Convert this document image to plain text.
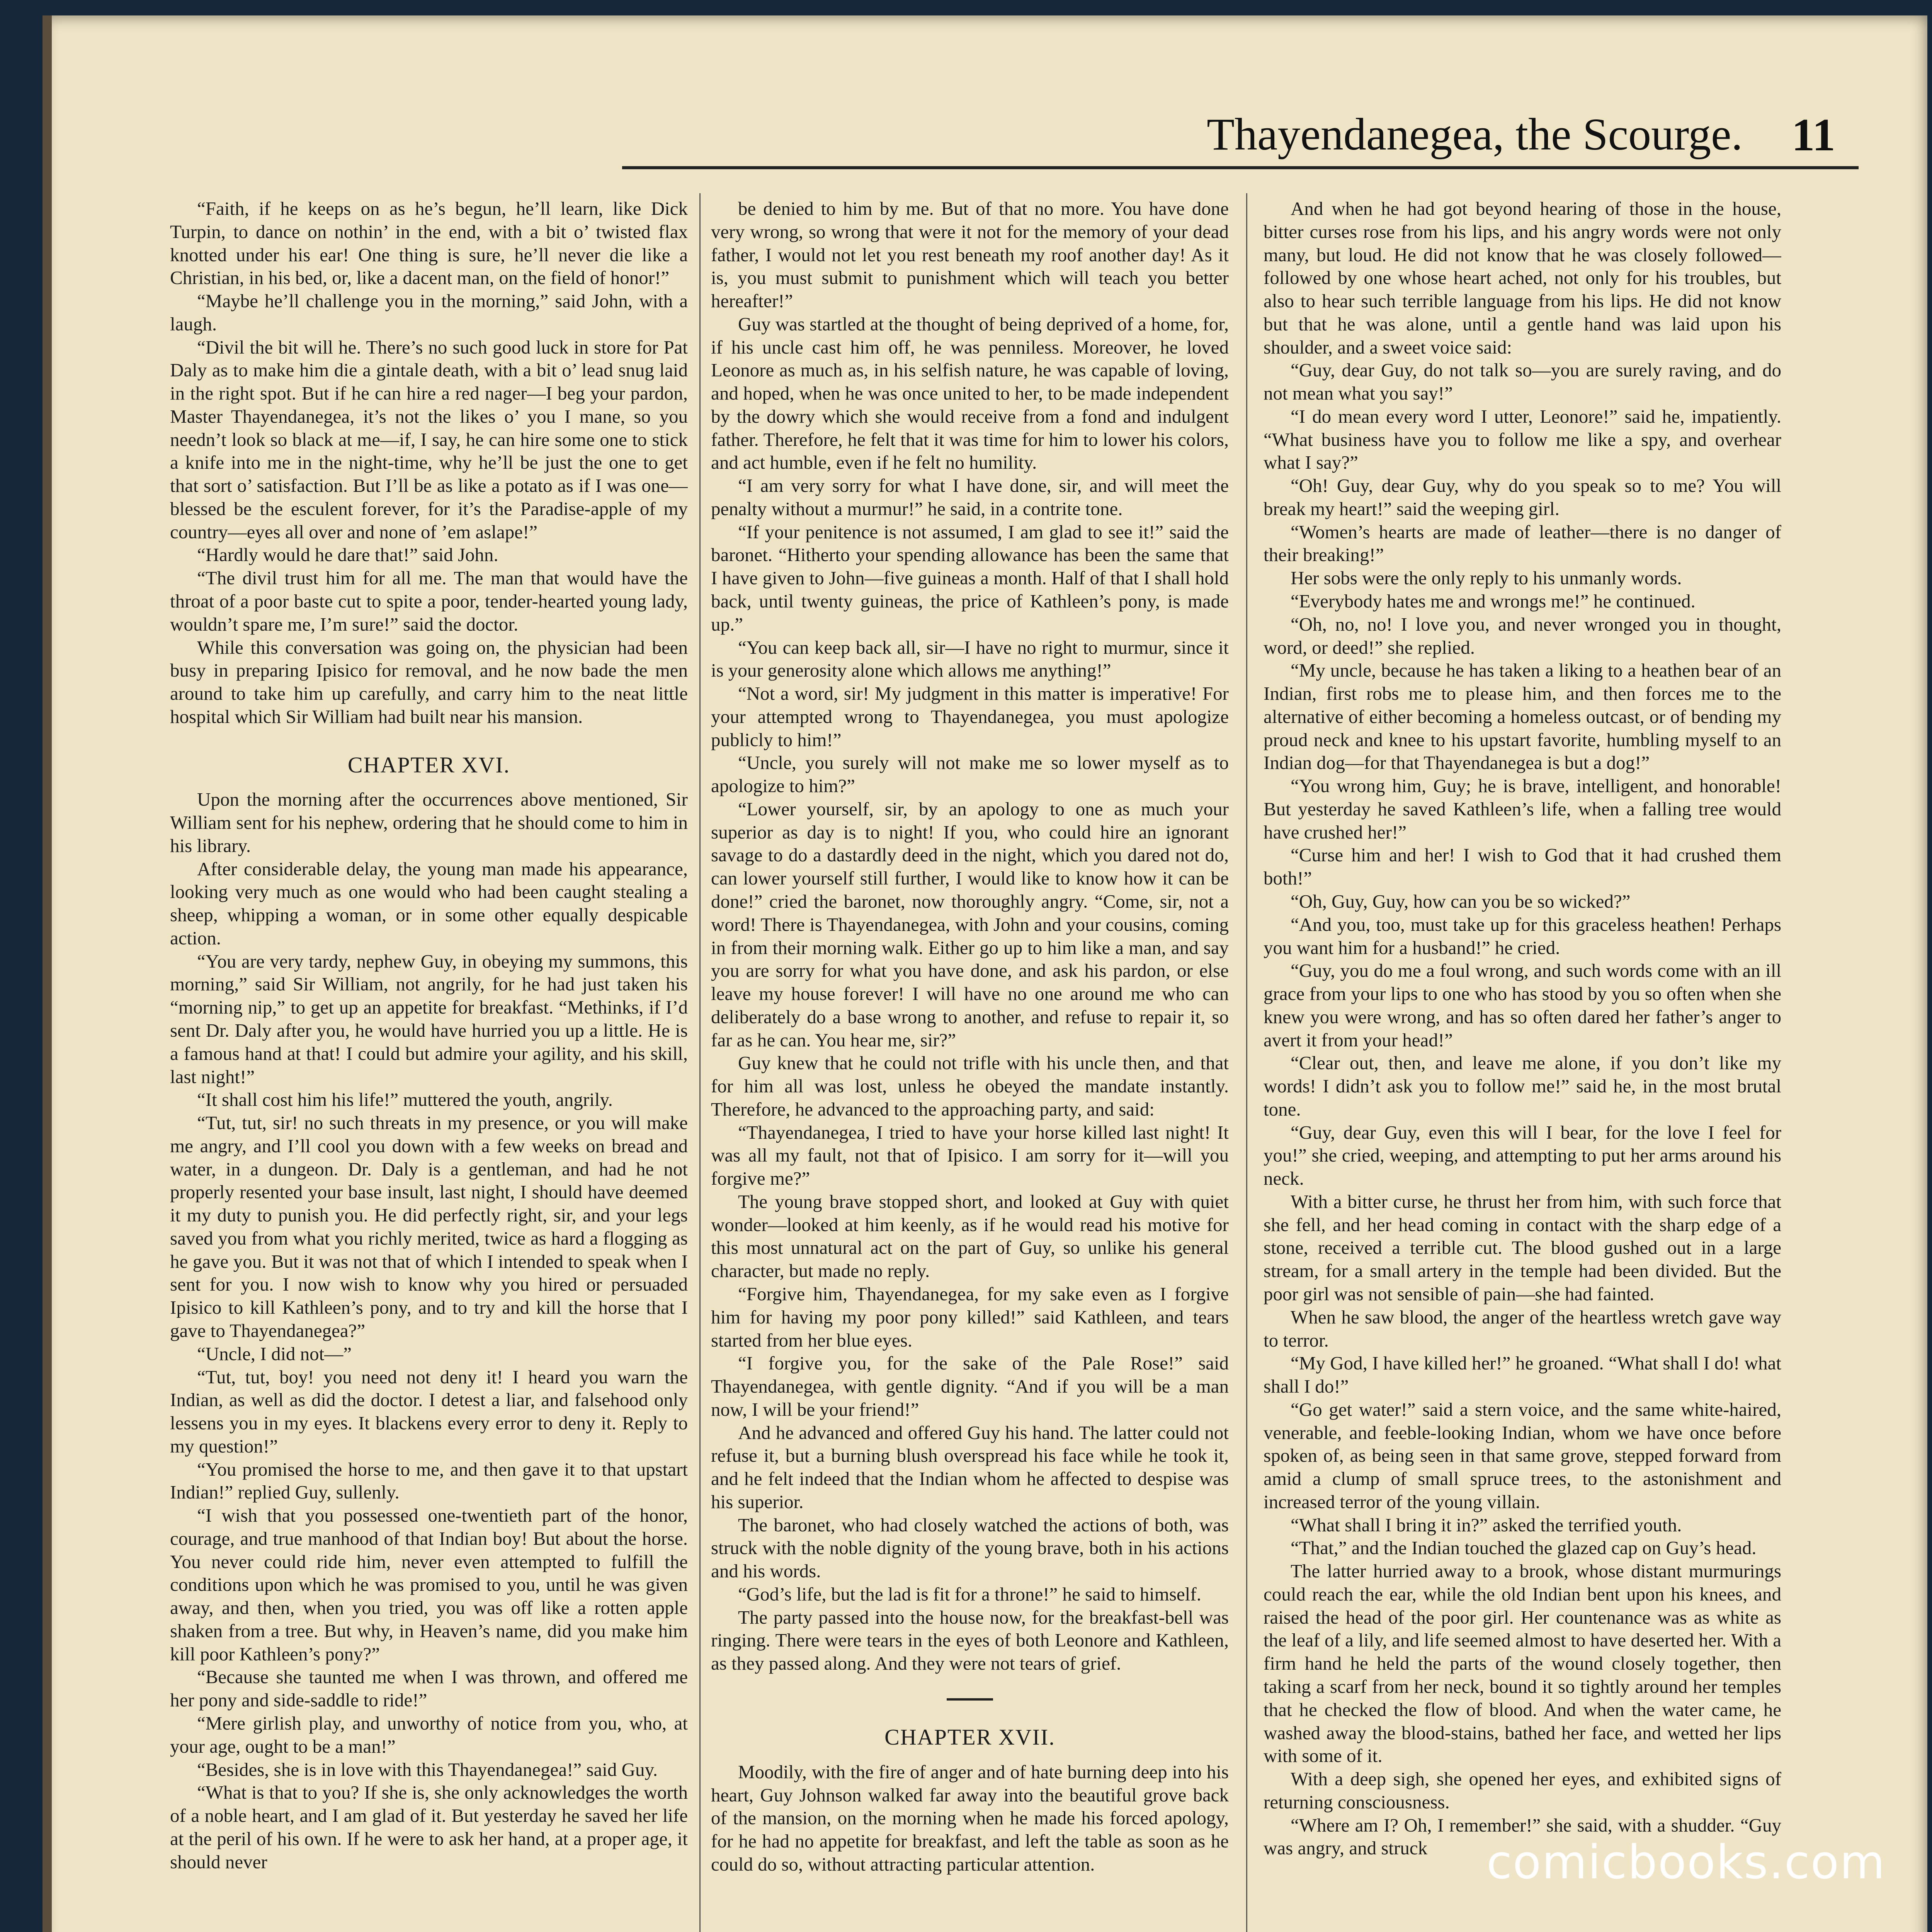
Thayendanegea, the Scourge. 11

“Faith, if he keeps on as he’s begun, he’ll learn, like Dick Turpin, to dance on nothin’ in the end, with a bit o’ twisted flax knotted under his ear! One thing is sure, he’ll never die like a Christian, in his bed, or, like a dacent man, on the field of honor!”

“Maybe he’ll challenge you in the morning,” said John, with a laugh.

“Divil the bit will he. There’s no such good luck in store for Pat Daly as to make him die a gintale death, with a bit o’ lead snug laid in the right spot. But if he can hire a red nager—I beg your pardon, Master Thayendanegea, it’s not the likes o’ you I mane, so you needn’t look so black at me—if, I say, he can hire some one to stick a knife into me in the night-time, why he’ll be just the one to get that sort o’ satisfaction. But I’ll be as like a potato as if I was one—blessed be the esculent forever, for it’s the Paradise-apple of my country—eyes all over and none of ’em aslape!”

“Hardly would he dare that!” said John.

“The divil trust him for all me. The man that would have the throat of a poor baste cut to spite a poor, tender-hearted young lady, wouldn’t spare me, I’m sure!” said the doctor.

While this conversation was going on, the physician had been busy in preparing Ipisico for removal, and he now bade the men around to take him up carefully, and carry him to the neat little hospital which Sir William had built near his mansion.

CHAPTER XVI.

Upon the morning after the occurrences above mentioned, Sir William sent for his nephew, ordering that he should come to him in his library.

After considerable delay, the young man made his appearance, looking very much as one would who had been caught stealing a sheep, whipping a woman, or in some other equally despicable action.

“You are very tardy, nephew Guy, in obeying my summons, this morning,” said Sir William, not angrily, for he had just taken his “morning nip,” to get up an appetite for breakfast. “Methinks, if I’d sent Dr. Daly after you, he would have hurried you up a little. He is a famous hand at that! I could but admire your agility, and his skill, last night!”

“It shall cost him his life!” muttered the youth, angrily.

“Tut, tut, sir! no such threats in my presence, or you will make me angry, and I’ll cool you down with a few weeks on bread and water, in a dungeon. Dr. Daly is a gentleman, and had he not properly resented your base insult, last night, I should have deemed it my duty to punish you. He did perfectly right, sir, and your legs saved you from what you richly merited, twice as hard a flogging as he gave you. But it was not that of which I intended to speak when I sent for you. I now wish to know why you hired or persuaded Ipisico to kill Kathleen’s pony, and to try and kill the horse that I gave to Thayendanegea?”

“Uncle, I did not—”

“Tut, tut, boy! you need not deny it! I heard you warn the Indian, as well as did the doctor. I detest a liar, and falsehood only lessens you in my eyes. It blackens every error to deny it. Reply to my question!”

“You promised the horse to me, and then gave it to that upstart Indian!” replied Guy, sullenly.

“I wish that you possessed one-twentieth part of the honor, courage, and true manhood of that Indian boy! But about the horse. You never could ride him, never even attempted to fulfill the conditions upon which he was promised to you, until he was given away, and then, when you tried, you was off like a rotten apple shaken from a tree. But why, in Heaven’s name, did you make him kill poor Kathleen’s pony?”

“Because she taunted me when I was thrown, and offered me her pony and side-saddle to ride!”

“Mere girlish play, and unworthy of notice from you, who, at your age, ought to be a man!”

“Besides, she is in love with this Thayendanegea!” said Guy.

“What is that to you? If she is, she only acknowledges the worth of a noble heart, and I am glad of it. But yesterday he saved her life at the peril of his own. If he were to ask her hand, at a proper age, it should never

be denied to him by me. But of that no more. You have done very wrong, so wrong that were it not for the memory of your dead father, I would not let you rest beneath my roof another day! As it is, you must submit to punishment which will teach you better hereafter!”

Guy was startled at the thought of being deprived of a home, for, if his uncle cast him off, he was penniless. Moreover, he loved Leonore as much as, in his selfish nature, he was capable of loving, and hoped, when he was once united to her, to be made independent by the dowry which she would receive from a fond and indulgent father. Therefore, he felt that it was time for him to lower his colors, and act humble, even if he felt no humility.

“I am very sorry for what I have done, sir, and will meet the penalty without a murmur!” he said, in a contrite tone.

“If your penitence is not assumed, I am glad to see it!” said the baronet. “Hitherto your spending allowance has been the same that I have given to John—five guineas a month. Half of that I shall hold back, until twenty guineas, the price of Kathleen’s pony, is made up.”

“You can keep back all, sir—I have no right to murmur, since it is your generosity alone which allows me anything!”

“Not a word, sir! My judgment in this matter is imperative! For your attempted wrong to Thayendanegea, you must apologize publicly to him!”

“Uncle, you surely will not make me so lower myself as to apologize to him?”

“Lower yourself, sir, by an apology to one as much your superior as day is to night! If you, who could hire an ignorant savage to do a dastardly deed in the night, which you dared not do, can lower yourself still further, I would like to know how it can be done!” cried the baronet, now thoroughly angry. “Come, sir, not a word! There is Thayendanegea, with John and your cousins, coming in from their morning walk. Either go up to him like a man, and say you are sorry for what you have done, and ask his pardon, or else leave my house forever! I will have no one around me who can deliberately do a base wrong to another, and refuse to repair it, so far as he can. You hear me, sir?”

Guy knew that he could not trifle with his uncle then, and that for him all was lost, unless he obeyed the mandate instantly. Therefore, he advanced to the approaching party, and said:

“Thayendanegea, I tried to have your horse killed last night! It was all my fault, not that of Ipisico. I am sorry for it—will you forgive me?”

The young brave stopped short, and looked at Guy with quiet wonder—looked at him keenly, as if he would read his motive for this most unnatural act on the part of Guy, so unlike his general character, but made no reply.

“Forgive him, Thayendanegea, for my sake even as I forgive him for having my poor pony killed!” said Kathleen, and tears started from her blue eyes.

“I forgive you, for the sake of the Pale Rose!” said Thayendanegea, with gentle dignity. “And if you will be a man now, I will be your friend!”

And he advanced and offered Guy his hand. The latter could not refuse it, but a burning blush overspread his face while he took it, and he felt indeed that the Indian whom he affected to despise was his superior.

The baronet, who had closely watched the actions of both, was struck with the noble dignity of the young brave, both in his actions and his words.

“God’s life, but the lad is fit for a throne!” he said to himself.

The party passed into the house now, for the breakfast-bell was ringing. There were tears in the eyes of both Leonore and Kathleen, as they passed along. And they were not tears of grief.

CHAPTER XVII.

Moodily, with the fire of anger and of hate burning deep into his heart, Guy Johnson walked far away into the beautiful grove back of the mansion, on the morning when he made his forced apology, for he had no appetite for breakfast, and left the table as soon as he could do so, without attracting particular attention.

And when he had got beyond hearing of those in the house, bitter curses rose from his lips, and his angry words were not only many, but loud. He did not know that he was closely followed—followed by one whose heart ached, not only for his troubles, but also to hear such terrible language from his lips. He did not know but that he was alone, until a gentle hand was laid upon his shoulder, and a sweet voice said:

“Guy, dear Guy, do not talk so—you are surely raving, and do not mean what you say!”

“I do mean every word I utter, Leonore!” said he, impatiently. “What business have you to follow me like a spy, and overhear what I say?”

“Oh! Guy, dear Guy, why do you speak so to me? You will break my heart!” said the weeping girl.

“Women’s hearts are made of leather—there is no danger of their breaking!”

Her sobs were the only reply to his unmanly words.

“Everybody hates me and wrongs me!” he continued.

“Oh, no, no! I love you, and never wronged you in thought, word, or deed!” she replied.

“My uncle, because he has taken a liking to a heathen bear of an Indian, first robs me to please him, and then forces me to the alternative of either becoming a homeless outcast, or of bending my proud neck and knee to his upstart favorite, humbling myself to an Indian dog—for that Thayendanegea is but a dog!”

“You wrong him, Guy; he is brave, intelligent, and honorable! But yesterday he saved Kathleen’s life, when a falling tree would have crushed her!”

“Curse him and her! I wish to God that it had crushed them both!”

“Oh, Guy, Guy, how can you be so wicked?”

“And you, too, must take up for this graceless heathen! Perhaps you want him for a husband!” he cried.

“Guy, you do me a foul wrong, and such words come with an ill grace from your lips to one who has stood by you so often when she knew you were wrong, and has so often dared her father’s anger to avert it from your head!”

“Clear out, then, and leave me alone, if you don’t like my words! I didn’t ask you to follow me!” said he, in the most brutal tone.

“Guy, dear Guy, even this will I bear, for the love I feel for you!” she cried, weeping, and attempting to put her arms around his neck.

With a bitter curse, he thrust her from him, with such force that she fell, and her head coming in contact with the sharp edge of a stone, received a terrible cut. The blood gushed out in a large stream, for a small artery in the temple had been divided. But the poor girl was not sensible of pain—she had fainted.

When he saw blood, the anger of the heartless wretch gave way to terror.

“My God, I have killed her!” he groaned. “What shall I do! what shall I do!”

“Go get water!” said a stern voice, and the same white-haired, venerable, and feeble-looking Indian, whom we have once before spoken of, as being seen in that same grove, stepped forward from amid a clump of small spruce trees, to the astonishment and increased terror of the young villain.

“What shall I bring it in?” asked the terrified youth.

“That,” and the Indian touched the glazed cap on Guy’s head.

The latter hurried away to a brook, whose distant murmurings could reach the ear, while the old Indian bent upon his knees, and raised the head of the poor girl. Her countenance was as white as the leaf of a lily, and life seemed almost to have deserted her. With a firm hand he held the parts of the wound closely together, then taking a scarf from her neck, bound it so tightly around her temples that he checked the flow of blood. And when the water came, he washed away the blood-stains, bathed her face, and wetted her lips with some of it.

With a deep sigh, she opened her eyes, and exhibited signs of returning consciousness.

“Where am I? Oh, I remember!” she said, with a shudder. “Guy was angry, and struck	comicbooks.com
